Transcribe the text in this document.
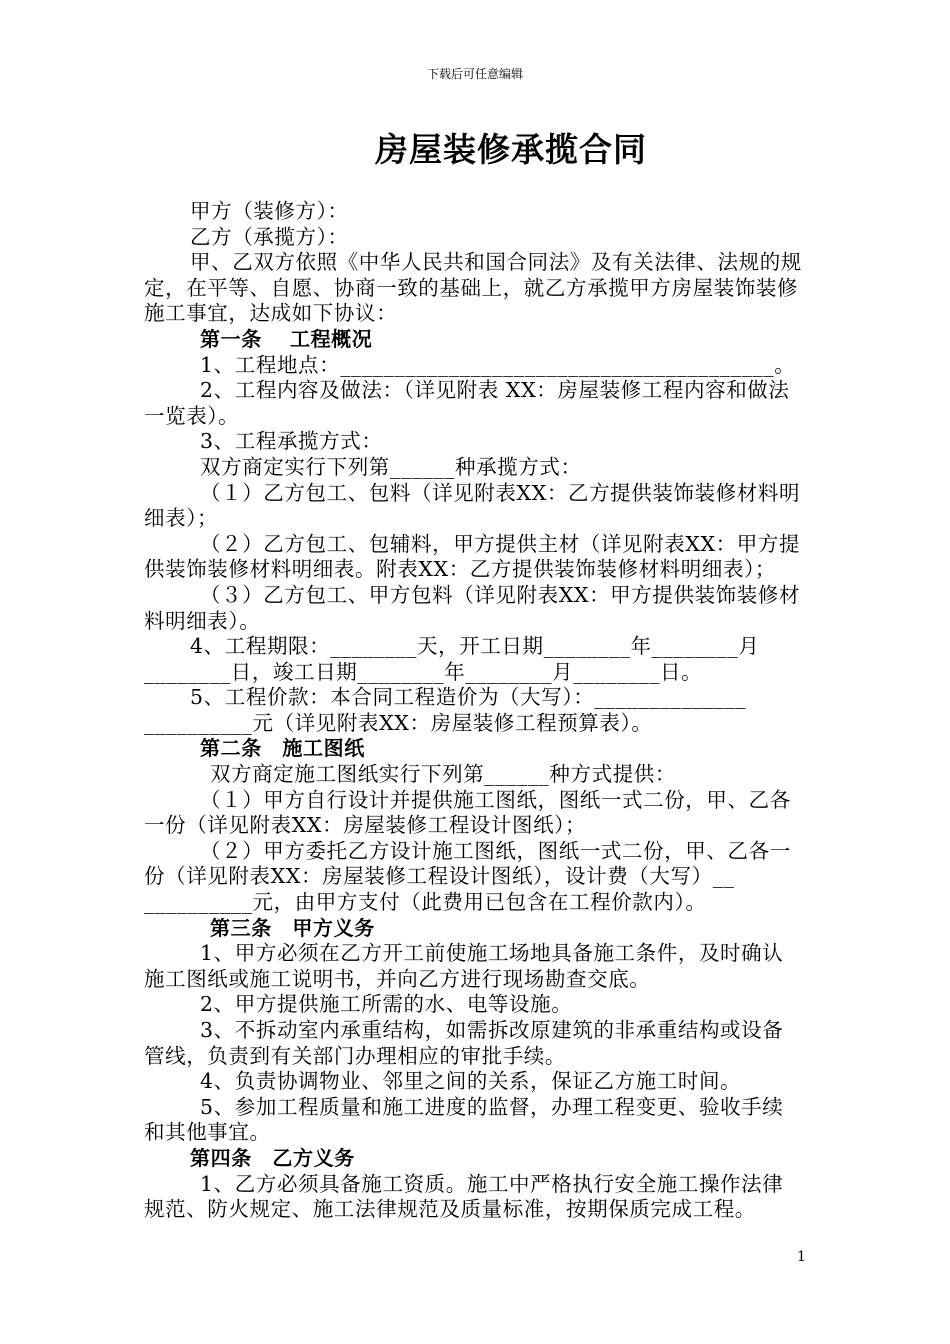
下载后可任意编辑
房屋装修承揽合同

甲方（装修方）：

乙方（承揽方）：

甲、乙双方依照《中华人民共和国合同法》及有关法律、法规的规定，在平等、自愿、协商一致的基础上，就乙方承揽甲方房屋装饰装修施工事宜，达成如下协议：

第一条　 工程概况

1、工程地点：________________________________________。

2、工程内容及做法：（详见附表 XX：房屋装修工程内容和做法一览表）。

3、工程承揽方式：

双方商定实行下列第______种承揽方式：

（１）乙方包工、包料（详见附表XX：乙方提供装饰装修材料明细表）；

（２）乙方包工、包辅料，甲方提供主材（详见附表XX：甲方提供装饰装修材料明细表。附表XX：乙方提供装饰装修材料明细表）；

（３）乙方包工、甲方包料（详见附表XX：甲方提供装饰装修材料明细表）。

4、工程期限：________天，开工日期________年________月________日，竣工日期________年________月________日。

5、工程价款：本合同工程造价为（大写）：______________ __________元（详见附表XX：房屋装修工程预算表）。

第二条　施工图纸

双方商定施工图纸实行下列第______种方式提供：

（１）甲方自行设计并提供施工图纸，图纸一式二份，甲、乙各一份（详见附表XX：房屋装修工程设计图纸）；

（２）甲方委托乙方设计施工图纸，图纸一式二份，甲、乙各一份（详见附表XX：房屋装修工程设计图纸），设计费（大写）__ __________元，由甲方支付（此费用已包含在工程价款内）。

第三条　甲方义务

1、甲方必须在乙方开工前使施工场地具备施工条件，及时确认施工图纸或施工说明书，并向乙方进行现场勘查交底。

2、甲方提供施工所需的水、电等设施。

3、不拆动室内承重结构，如需拆改原建筑的非承重结构或设备管线，负责到有关部门办理相应的审批手续。

4、负责协调物业、邻里之间的关系，保证乙方施工时间。

5、参加工程质量和施工进度的监督，办理工程变更、验收手续和其他事宜。

第四条　乙方义务

1、乙方必须具备施工资质。施工中严格执行安全施工操作法律规范、防火规定、施工法律规范及质量标准，按期保质完成工程。

1
